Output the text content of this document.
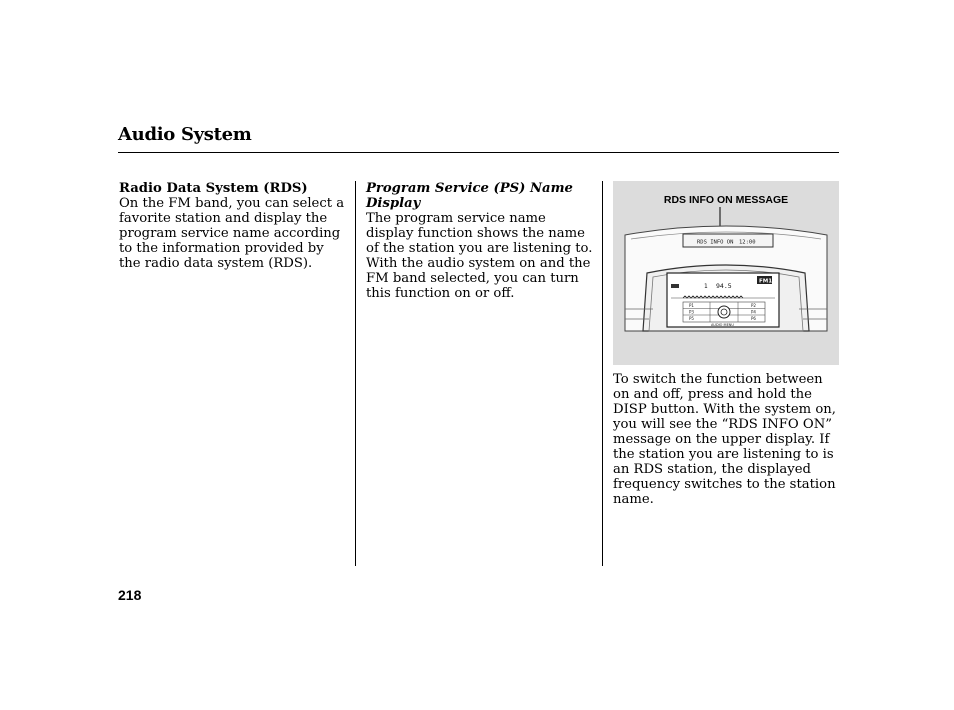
Audio System

Radio Data System (RDS)

On the FM band, you can select a favorite station and display the program service name according to the information provided by the radio data system (RDS).

Program Service (PS) Name Display

The program service name display function shows the name of the station you are listening to. With the audio system on and the FM band selected, you can turn this function on or off.

RDS INFO ON MESSAGE
RDS INFO ON 12:00
1 94.5
FM1
P1	P2
P3	P4
P5	P6
AUDIO MENU

To switch the function between on and off, press and hold the DISP button. With the system on, you will see the “RDS INFO ON” message on the upper display. If the station you are listening to is an RDS station, the displayed frequency switches to the station name.

218
